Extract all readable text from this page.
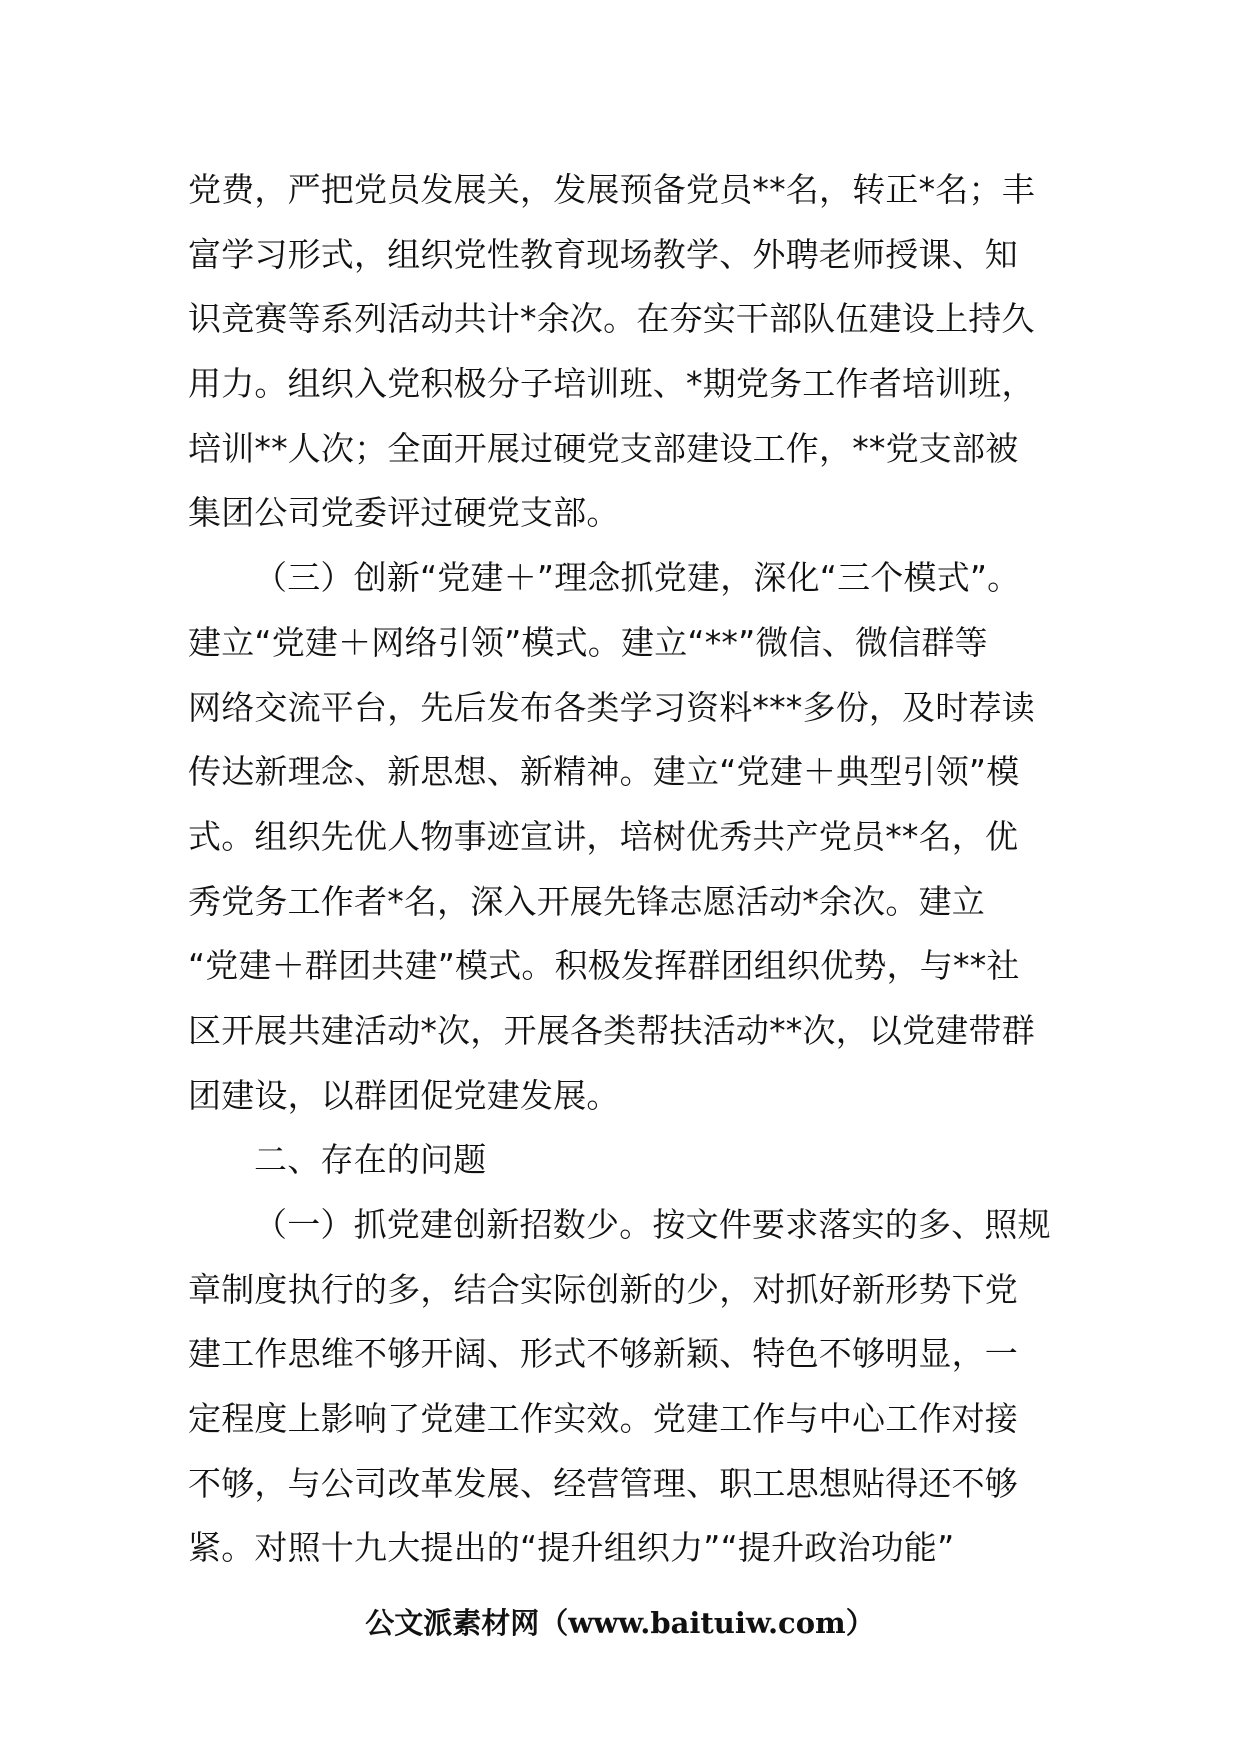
党费，严把党员发展关，发展预备党员**名，转正*名；丰
富学习形式，组织党性教育现场教学、外聘老师授课、知
识竞赛等系列活动共计*余次。在夯实干部队伍建设上持久
用力。组织入党积极分子培训班、*期党务工作者培训班，
培训**人次；全面开展过硬党支部建设工作，**党支部被
集团公司党委评过硬党支部。
（三）创新“党建＋”理念抓党建，深化“三个模式”。
建立“党建＋网络引领”模式。建立“**”微信、微信群等
网络交流平台，先后发布各类学习资料***多份，及时荐读
传达新理念、新思想、新精神。建立“党建＋典型引领”模
式。组织先优人物事迹宣讲，培树优秀共产党员**名，优
秀党务工作者*名，深入开展先锋志愿活动*余次。建立
“党建＋群团共建”模式。积极发挥群团组织优势，与**社
区开展共建活动*次，开展各类帮扶活动**次，以党建带群
团建设，以群团促党建发展。
二、存在的问题
（一）抓党建创新招数少。按文件要求落实的多、照规
章制度执行的多，结合实际创新的少，对抓好新形势下党
建工作思维不够开阔、形式不够新颖、特色不够明显，一
定程度上影响了党建工作实效。党建工作与中心工作对接
不够，与公司改革发展、经营管理、职工思想贴得还不够
紧。对照十九大提出的“提升组织力”“提升政治功能”
公文派素材网（www.baituiw.com）
